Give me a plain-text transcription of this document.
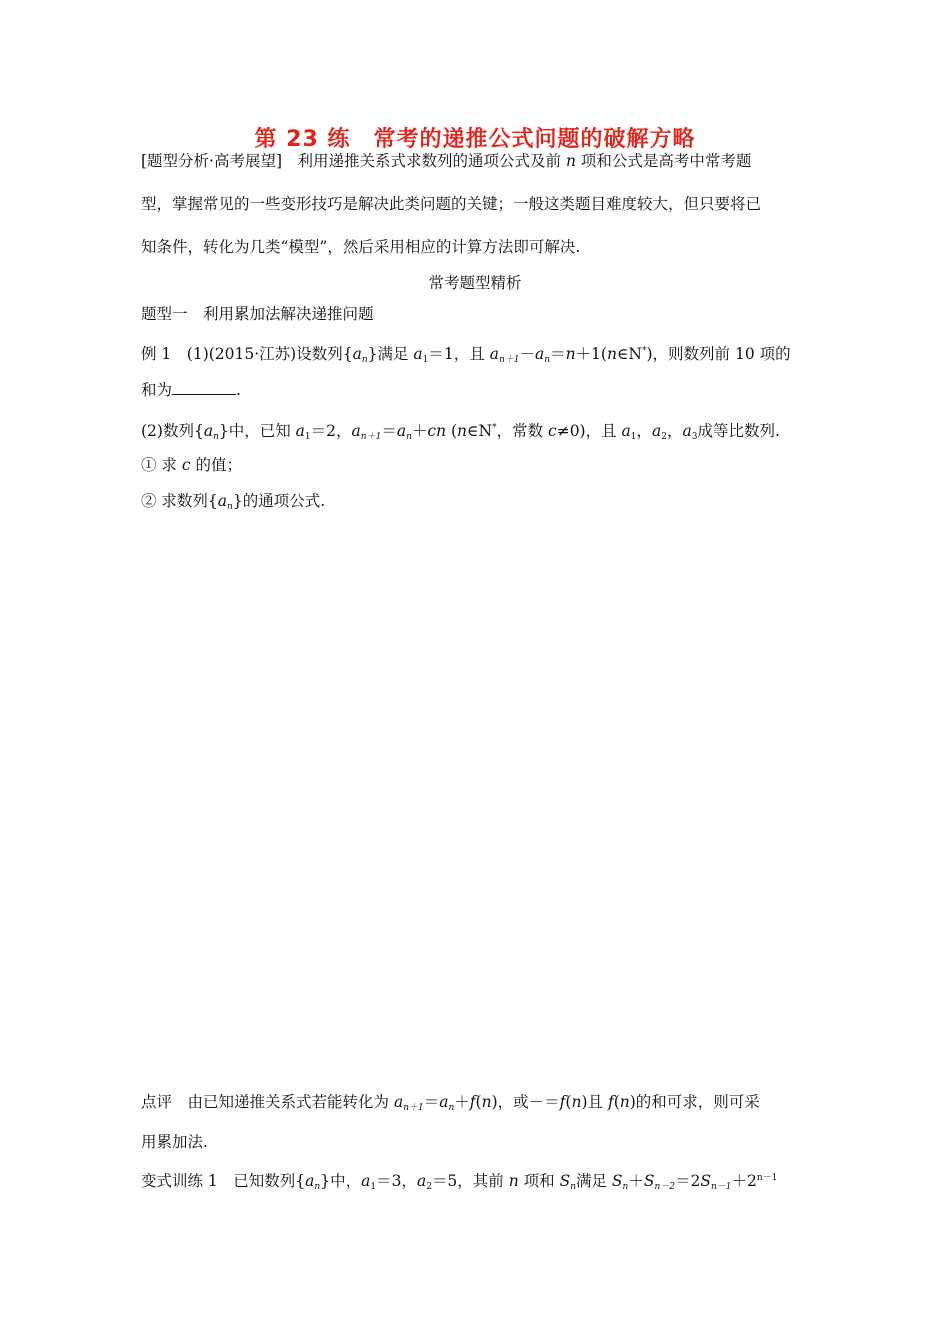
第 23 练　常考的递推公式问题的破解方略
[题型分析·高考展望]　利用递推关系式求数列的通项公式及前 n 项和公式是高考中常考题
型，掌握常见的一些变形技巧是解决此类问题的关键；一般这类题目难度较大，但只要将已
知条件，转化为几类“模型”，然后采用相应的计算方法即可解决.
常考题型精析
题型一　利用累加法解决递推问题
例 1　(1)(2015·江苏)设数列$\{a_n\}$满足 $a_1=1$，且 $a_{n+1}-a_n=n+1(n\in N^*)$，则数列前 10 项的
和为	.
(2)数列$\{a_n\}$中，已知 $a_1=2$，$a_{n+1}=a_n+cn$ (n∈N*，常数 c≠0)，且 $a_1$，$a_2$，$a_3$成等比数列.
① 求 c 的值；
② 求数列$\{a_n\}$的通项公式.
点评　由已知递推关系式若能转化为 $a_{n+1}=a_n+f(n)$，或－＝f(n)且 f(n)的和可求，则可采
用累加法.
变式训练 1　已知数列$\{a_n\}$中，$a_1=3$，$a_2=5$，其前 n 项和 $S_n$满足 $S_n+S_{n-2}=2S_{n-1}+2^{n-1}$
